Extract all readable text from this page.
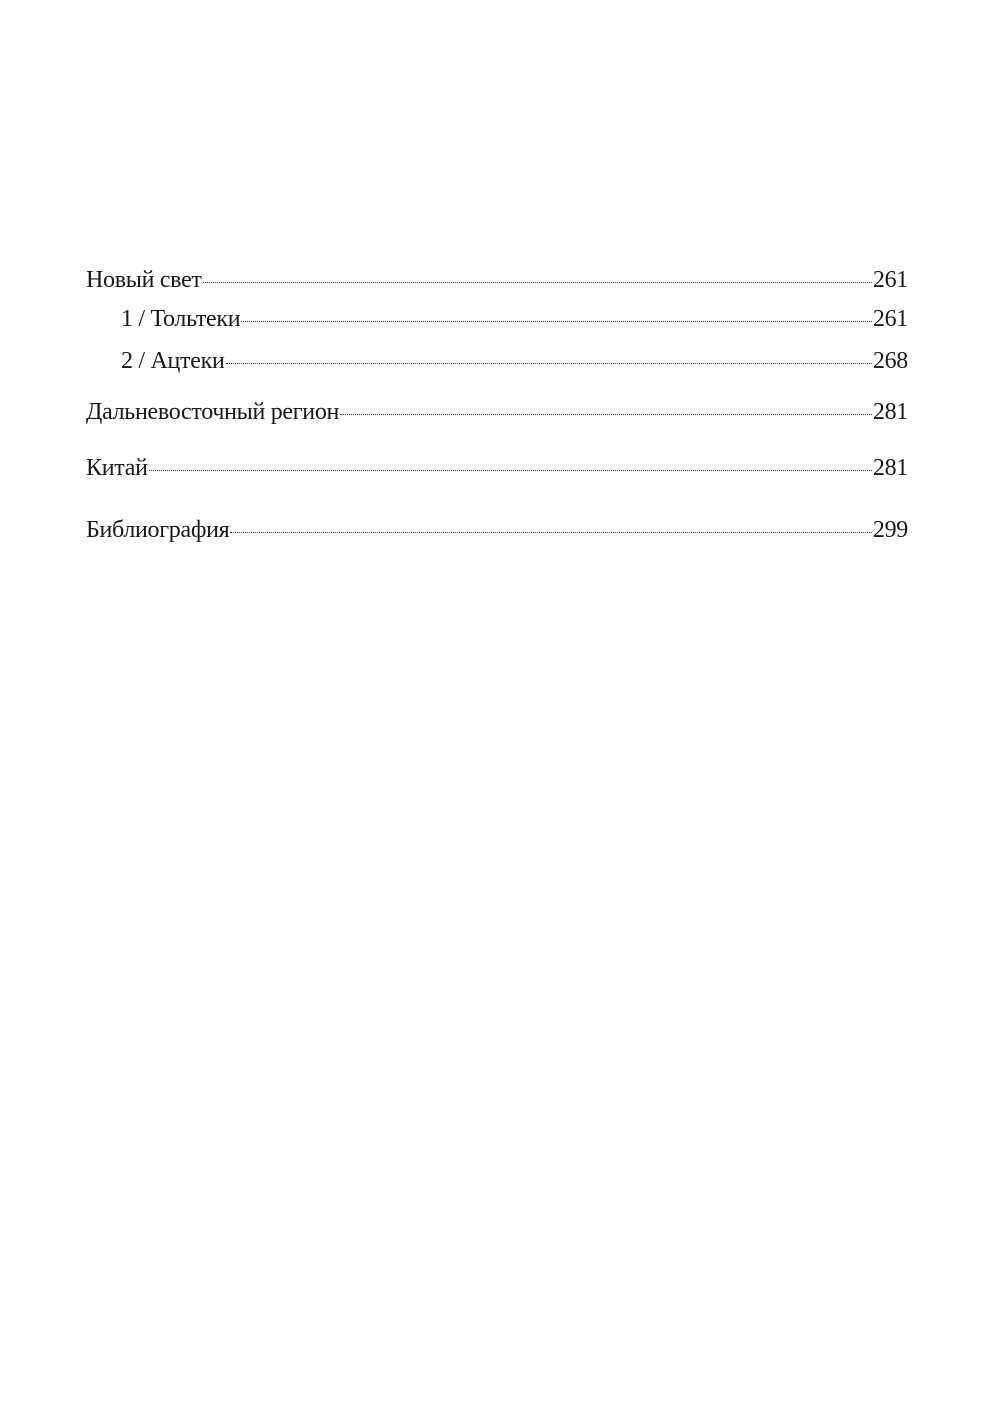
Новый свет	261
1 / Тольтеки	261
2 / Ацтеки	268
Дальневосточный регион	281
Китай	281
Библиография	299
